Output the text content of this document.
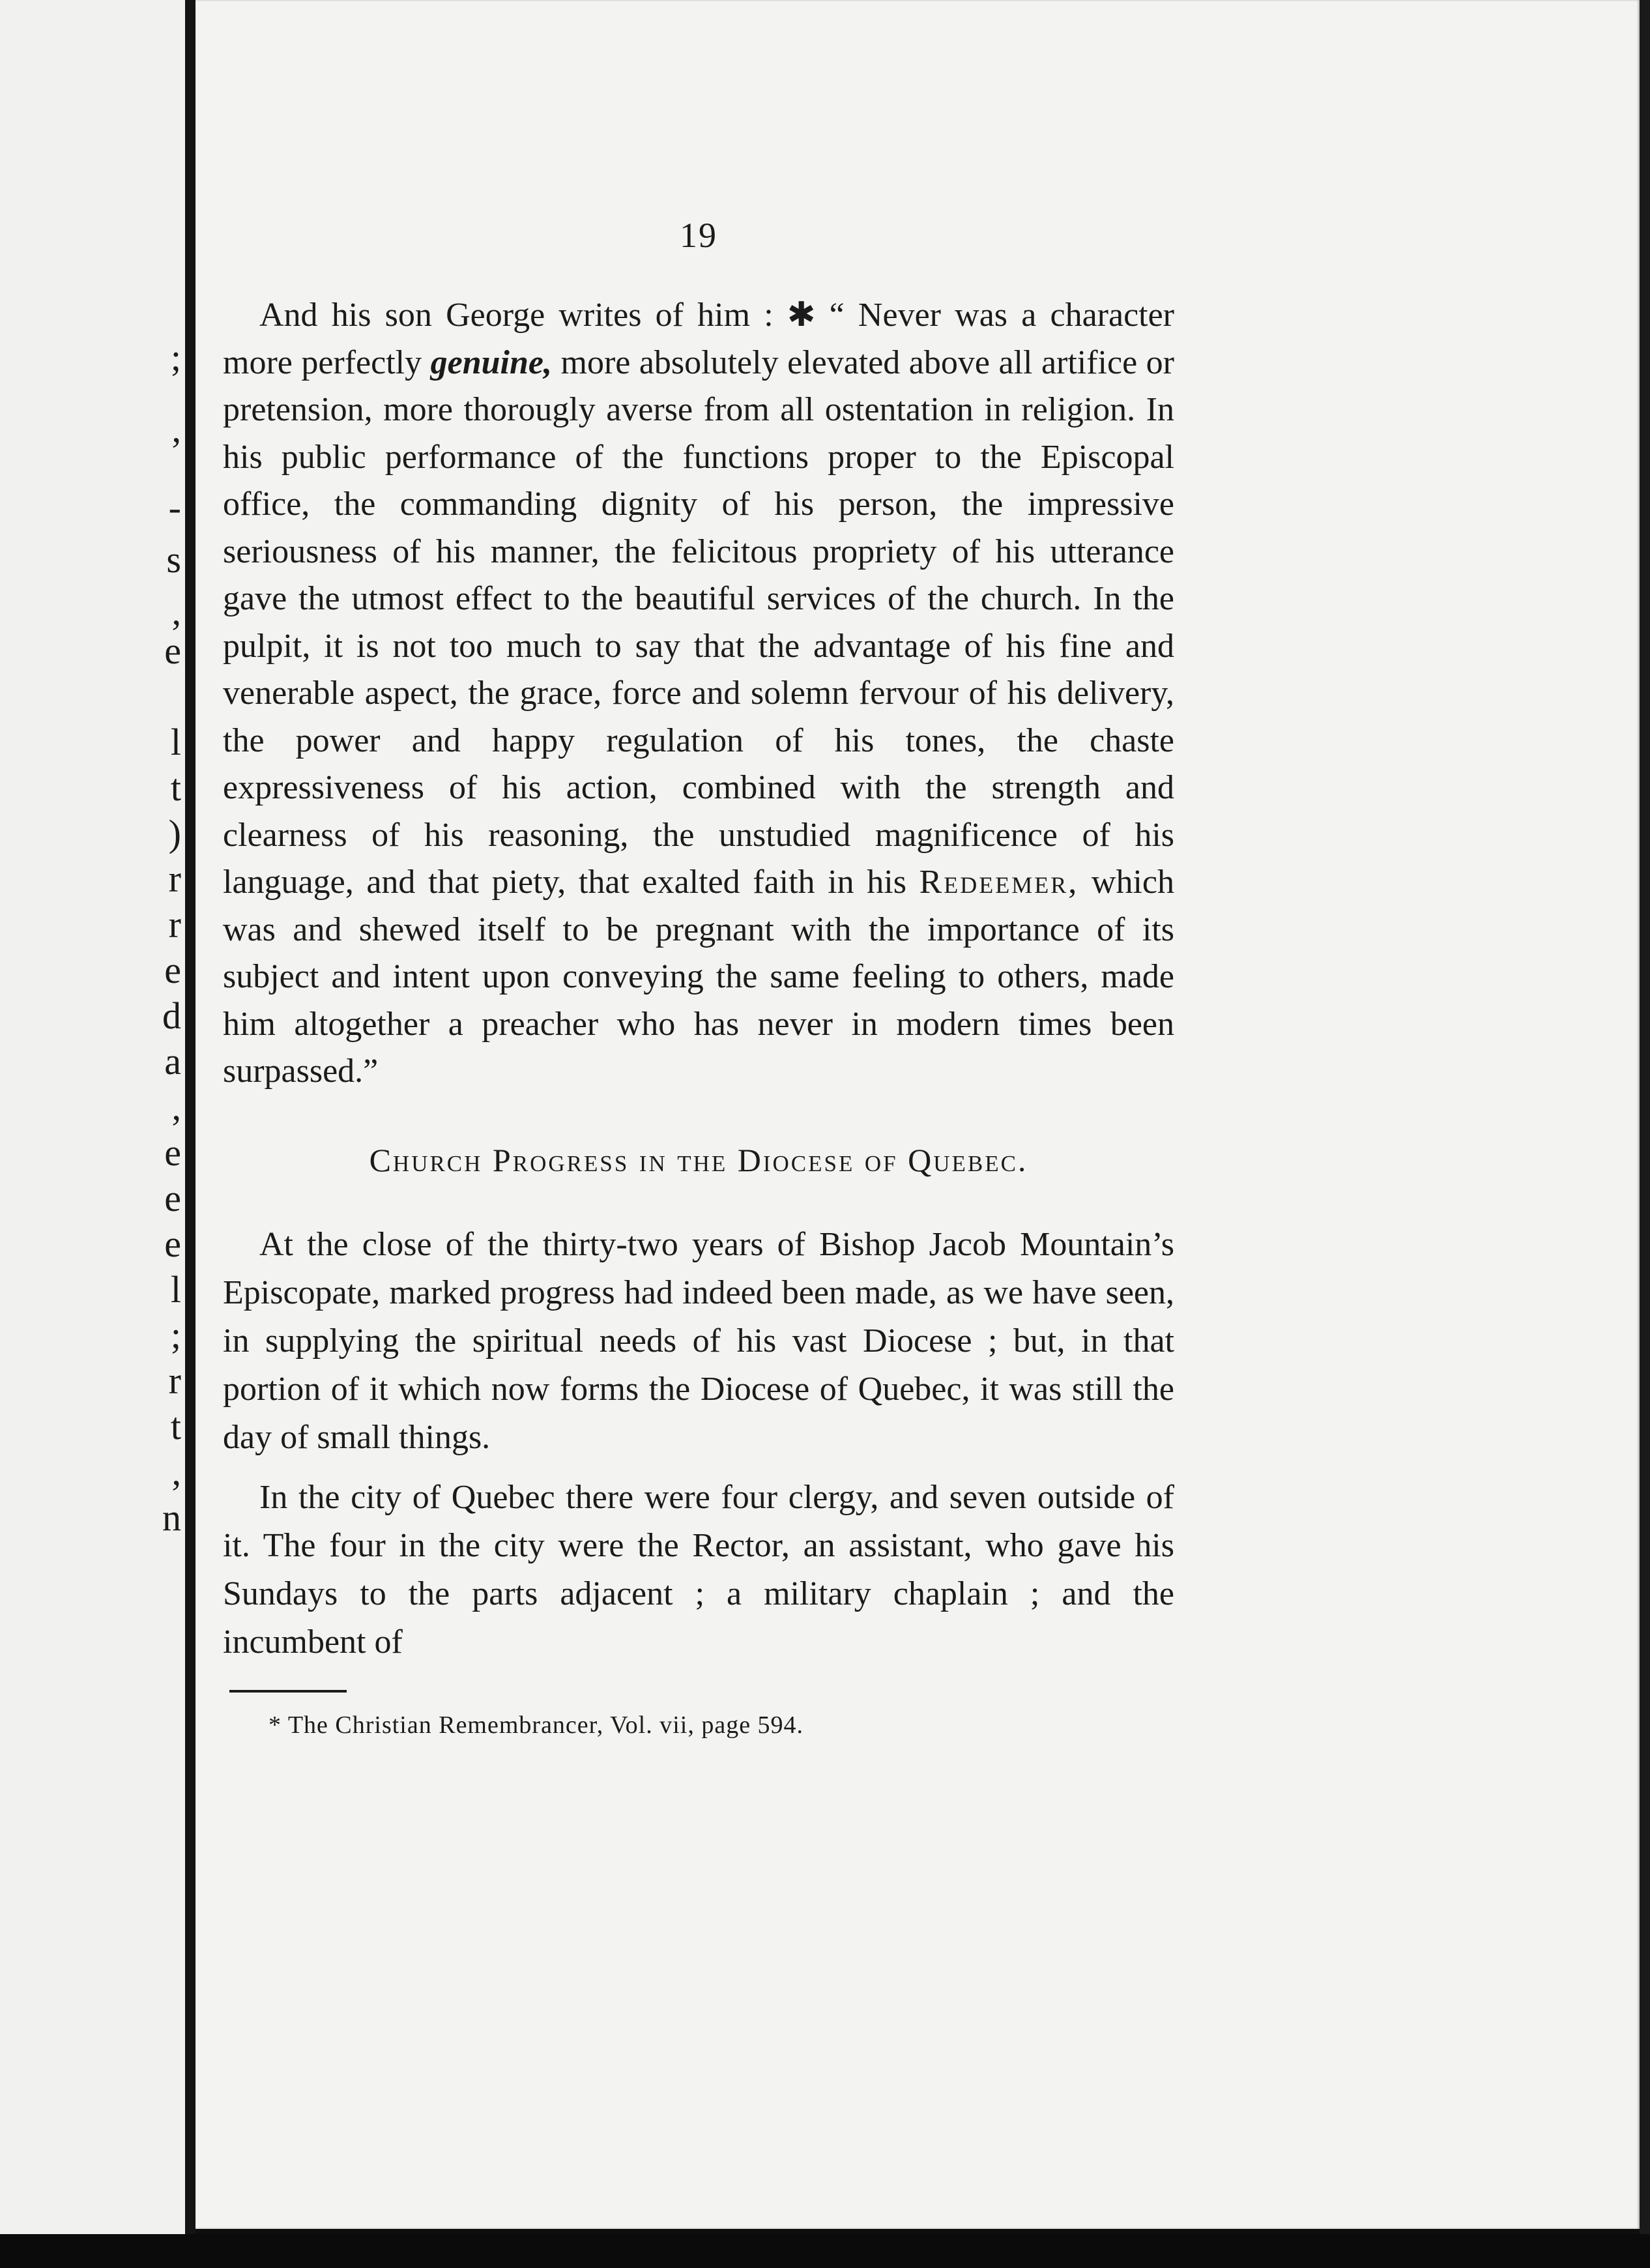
;
,
-
s
,
e
l
t
)
r
r
e
d
a
,
e
e
e
l
;
r
t
,
n
19

And his son George writes of him : ✱ “ Never was a character more perfectly genuine, more absolutely elevated above all artifice or pretension, more thorougly averse from all ostentation in religion. In his public performance of the functions proper to the Episcopal office, the commanding dignity of his person, the impressive seriousness of his manner, the felicitous propriety of his utterance gave the utmost effect to the beautiful services of the church. In the pulpit, it is not too much to say that the advantage of his fine and venerable aspect, the grace, force and solemn fervour of his delivery, the power and happy regulation of his tones, the chaste expressiveness of his action, combined with the strength and clearness of his reasoning, the unstudied magnificence of his language, and that piety, that exalted faith in his Redeemer, which was and shewed itself to be pregnant with the importance of its subject and intent upon conveying the same feeling to others, made him altogether a preacher who has never in modern times been surpassed.”

Church Progress in the Diocese of Quebec.

At the close of the thirty-two years of Bishop Jacob Mountain’s Episcopate, marked progress had indeed been made, as we have seen, in supplying the spiritual needs of his vast Diocese ; but, in that portion of it which now forms the Diocese of Quebec, it was still the day of small things.

In the city of Quebec there were four clergy, and seven outside of it. The four in the city were the Rector, an assistant, who gave his Sundays to the parts adjacent ; a military chaplain ; and the incumbent of

* The Christian Remembrancer, Vol. vii, page 594.
